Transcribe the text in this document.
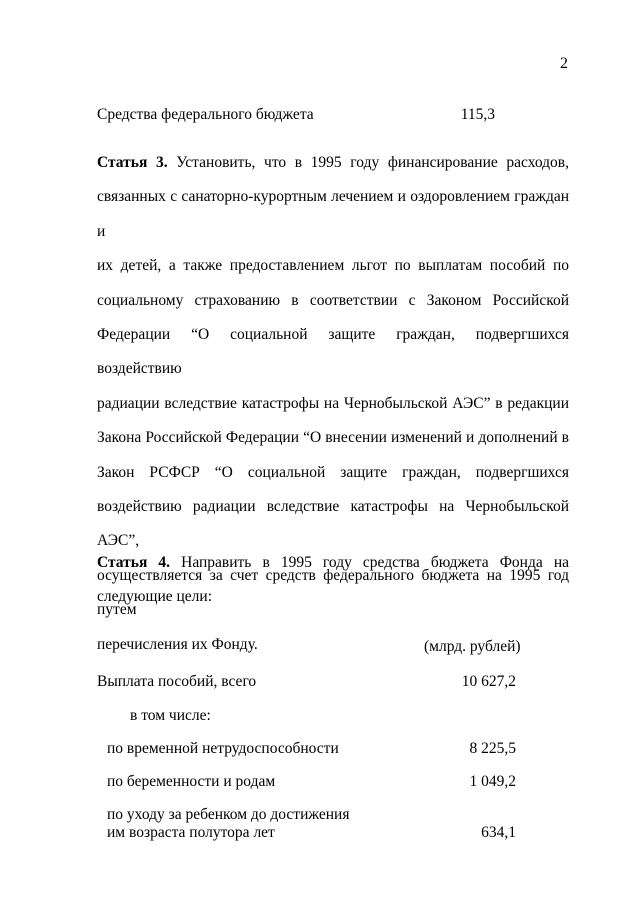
2
Средства федерального бюджета	115,3
Статья 3. Установить, что в 1995 году финансирование расходов,
связанных с санаторно-курортным лечением и оздоровлением граждан и
их детей, а также предоставлением льгот по выплатам пособий по
социальному страхованию в соответствии с Законом Российской
Федерации “О социальной защите граждан, подвергшихся воздействию
радиации вследствие катастрофы на Чернобыльской АЭС” в редакции
Закона Российской Федерации “О внесении изменений и дополнений в
Закон РСФСР “О социальной защите граждан, подвергшихся
воздействию радиации вследствие катастрофы на Чернобыльской АЭС”,
осуществляется за счет средств федерального бюджета на 1995 год путем
перечисления их Фонду.
Статья 4. Направить в 1995 году средства бюджета Фонда на
следующие цели:
(млрд. рублей)
Выплата пособий, всего	10 627,2
в том числе:
по временной нетрудоспособности	8 225,5
по беременности и родам	1 049,2
по уходу за ребенком до достижения
им возраста полутора лет	634,1
